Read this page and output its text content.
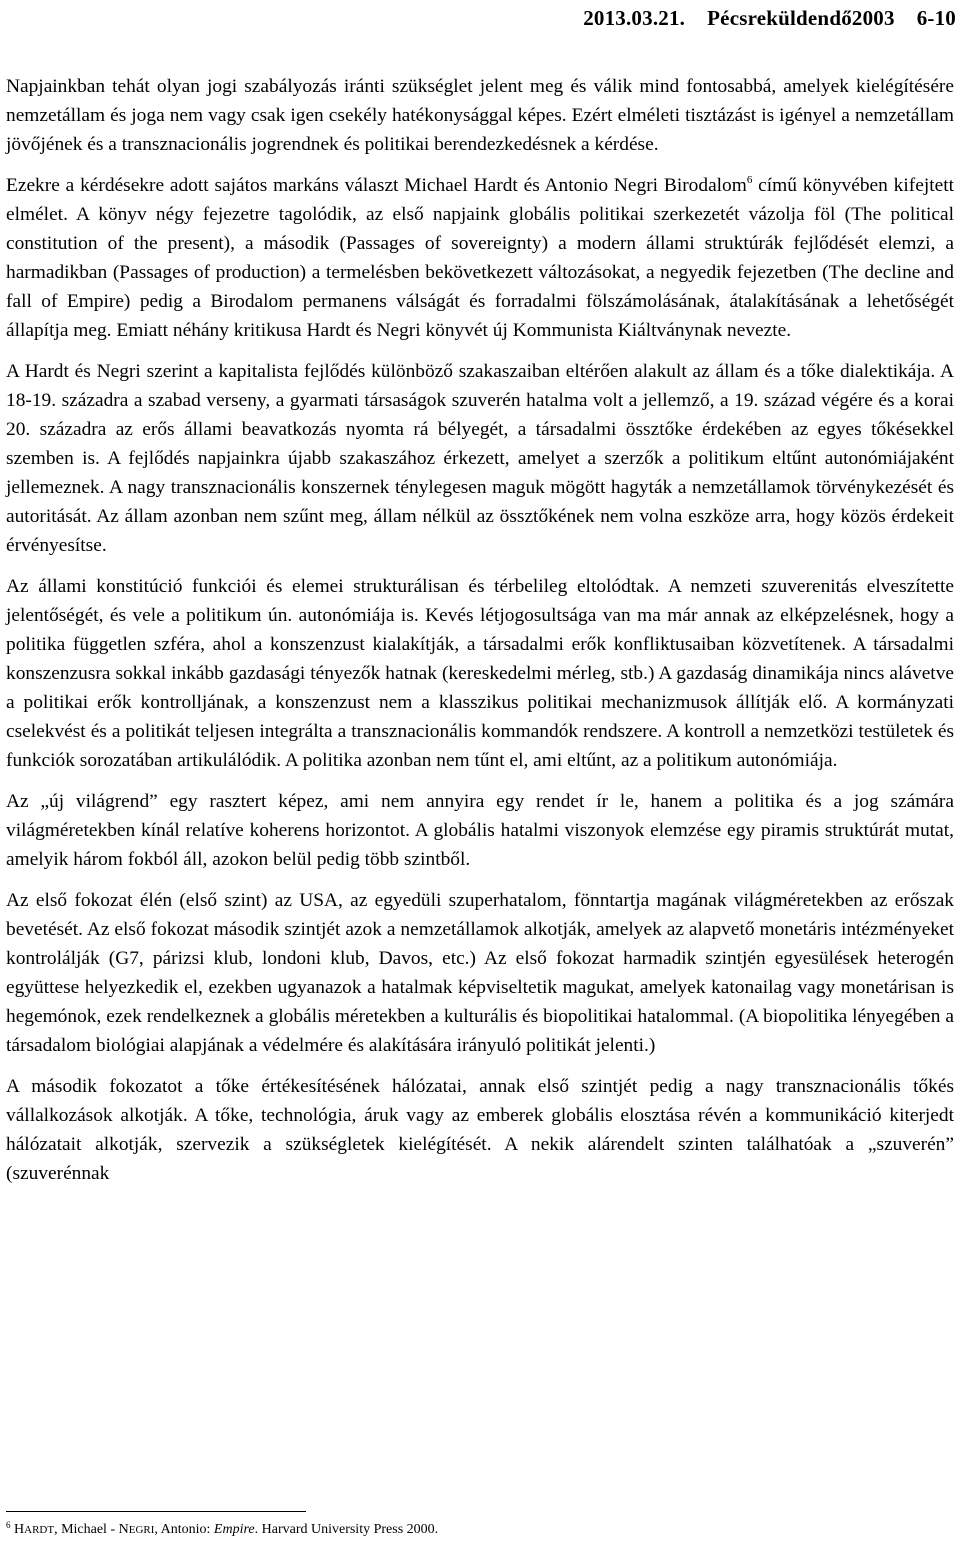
2013.03.21. Pécsreküldendő2003 6-10

Napjainkban tehát olyan jogi szabályozás iránti szükséglet jelent meg és válik mind fontosabbá, amelyek kielégítésére nemzetállam és joga nem vagy csak igen csekély hatékonysággal képes. Ezért elméleti tisztázást is igényel a nemzetállam jövőjének és a transznacionális jogrendnek és politikai berendezkedésnek a kérdése.

Ezekre a kérdésekre adott sajátos markáns választ Michael Hardt és Antonio Negri Birodalom$^6$ című könyvében kifejtett elmélet. A könyv négy fejezetre tagolódik, az első napjaink globális politikai szerkezetét vázolja föl (The political constitution of the present), a második (Passages of sovereignty) a modern állami struktúrák fejlődését elemzi, a harmadikban (Passages of production) a termelésben bekövetkezett változásokat, a negyedik fejezetben (The decline and fall of Empire) pedig a Birodalom permanens válságát és forradalmi fölszámolásának, átalakításának a lehetőségét állapítja meg. Emiatt néhány kritikusa Hardt és Negri könyvét új Kommunista Kiáltványnak nevezte.

A Hardt és Negri szerint a kapitalista fejlődés különböző szakaszaiban eltérően alakult az állam és a tőke dialektikája. A 18-19. századra a szabad verseny, a gyarmati társaságok szuverén hatalma volt a jellemző, a 19. század végére és a korai 20. századra az erős állami beavatkozás nyomta rá bélyegét, a társadalmi össztőke érdekében az egyes tőkésekkel szemben is. A fejlődés napjainkra újabb szakaszához érkezett, amelyet a szerzők a politikum eltűnt autonómiájaként jellemeznek. A nagy transznacionális konszernek ténylegesen maguk mögött hagyták a nemzetállamok törvénykezését és autoritását. Az állam azonban nem szűnt meg, állam nélkül az össztőkének nem volna eszköze arra, hogy közös érdekeit érvényesítse.

Az állami konstitúció funkciói és elemei strukturálisan és térbelileg eltolódtak. A nemzeti szuverenitás elveszítette jelentőségét, és vele a politikum ún. autonómiája is. Kevés létjogosultsága van ma már annak az elképzelésnek, hogy a politika független szféra, ahol a konszenzust kialakítják, a társadalmi erők konfliktusaiban közvetítenek. A társadalmi konszenzusra sokkal inkább gazdasági tényezők hatnak (kereskedelmi mérleg, stb.) A gazdaság dinamikája nincs alávetve a politikai erők kontrolljának, a konszenzust nem a klasszikus politikai mechanizmusok állítják elő. A kormányzati cselekvést és a politikát teljesen integrálta a transznacionális kommandók rendszere. A kontroll a nemzetközi testületek és funkciók sorozatában artikulálódik. A politika azonban nem tűnt el, ami eltűnt, az a politikum autonómiája.

Az „új világrend” egy rasztert képez, ami nem annyira egy rendet ír le, hanem a politika és a jog számára világméretekben kínál relatíve koherens horizontot. A globális hatalmi viszonyok elemzése egy piramis struktúrát mutat, amelyik három fokból áll, azokon belül pedig több szintből.

Az első fokozat élén (első szint) az USA, az egyedüli szuperhatalom, fönntartja magának világméretekben az erőszak bevetését. Az első fokozat második szintjét azok a nemzetállamok alkotják, amelyek az alapvető monetáris intézményeket kontrolálják (G7, párizsi klub, londoni klub, Davos, etc.) Az első fokozat harmadik szintjén egyesülések heterogén együttese helyezkedik el, ezekben ugyanazok a hatalmak képviseltetik magukat, amelyek katonailag vagy monetárisan is hegemónok, ezek rendelkeznek a globális méretekben a kulturális és biopolitikai hatalommal. (A biopolitika lényegében a társadalom biológiai alapjának a védelmére és alakítására irányuló politikát jelenti.)

A második fokozatot a tőke értékesítésének hálózatai, annak első szintjét pedig a nagy transznacionális tőkés vállalkozások alkotják. A tőke, technológia, áruk vagy az emberek globális elosztása révén a kommunikáció kiterjedt hálózatait alkotják, szervezik a szükségletek kielégítését. A nekik alárendelt szinten találhatóak a „szuverén” (szuverénnak

$^6$ HARDT, Michael - NEGRI, Antonio: Empire. Harvard University Press 2000.
